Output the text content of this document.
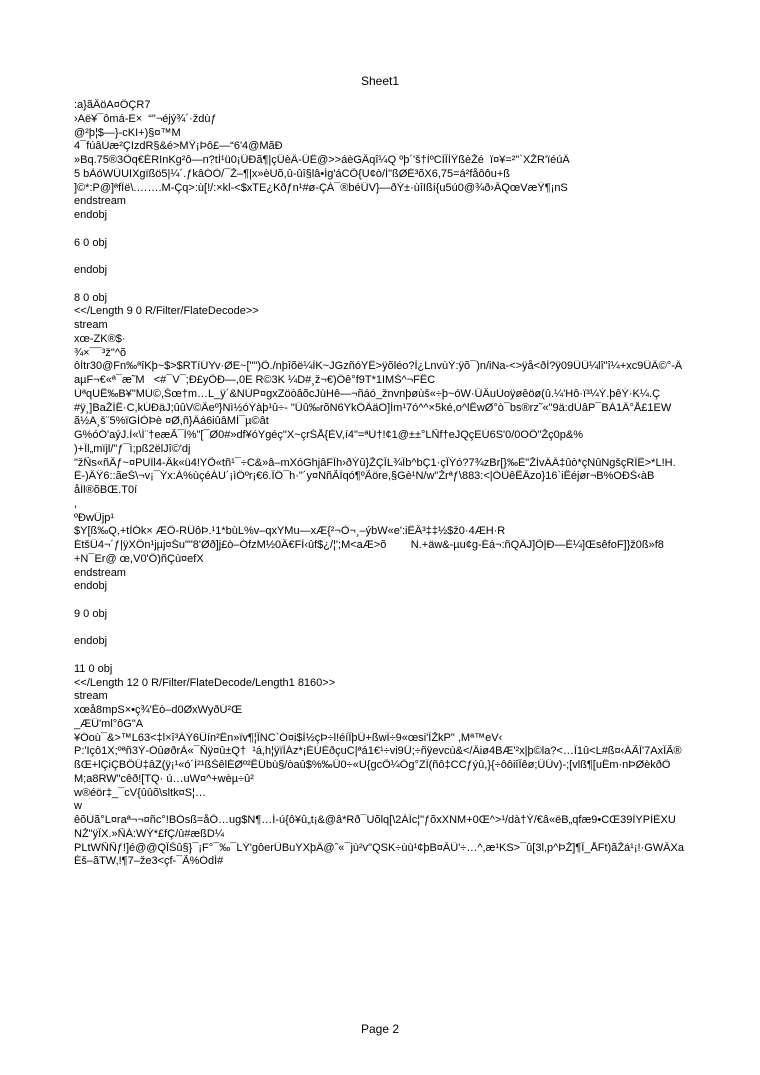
Sheet1
:a}ãÂöA¤ÔÇR7
›Aë¥¯ômá-E×  “"¬éjý¾´·ždùƒ
@²þ¦$—}-cKI+)§¤™M
4¯fúâÙæ²ÇIzdR§&é>MŸ¡Þô£—“6'4@MãÐ
»Bq.75®3Ôq€ÉRInKg²ô—n?tÍ¹ü0¡ÜÐã¶|çÜèÄ-ÜË@>>áèGÂqî¼Q ºþ´'š†ÌºCÏÎÌŸßèŽé  ï¤¥=²"`XŽR'ïéúÄ
5 bÀóWÛUIXgïßö5|¼´.ƒkâÓÒ/¯Ž–¶|x»èUõ,û-ûî§lâ•Íg'áCÕ{U¢ò/Ì"ßØÉ³õX6,75=á²fåôôu+ß
]©*:P@]ªfÏë\.…….M-Çq>:ù[!/:×kl-<$xTE¿Kðƒn¹#ø-ÇÁ¯®béÜV}—ðÝ±·ùîIßí{u5ú0@¾ð›ÂQœVæŸ¶¡nS
endstream
endobj
6 0 obj
endobj
8 0 obj
<</Length 9 0 R/Filter/FlateDecode>>
stream
xœ-ZK®$·
¾×¯¯³ž"^õ
ôÌtr30@Fn‰ªîKþ~$>$RTíÚYv·ØE~["")Õ./nþîõë¼ÌK~JGzñóYË>ÿõléo?Ì¿LnvùÝ:ÿõ¯)n/iNa-<>ÿå<ðÍ?ÿ09ÜÜ¼lî"î¼+xc9ÜÄ©°-Ä
aµF¬€«ª¯æ˜M   <#¯V¯;Ð£yÕÐ—,0E R©3K ¼D#¸ž¬€)Ôê°f9T*1IMŠ^¬FÊC
ÙªqUÊ‰B¥"MÚ©,Šœ†m…L_ÿ´&NÚP¤gxZöòâõcJùHê—¬ñáó_žnvnþøùš«÷þ~óW·ÜÂuÙoÿøêöø(û.¼'Hô·ï³¼Ý.þêÝ·K¼.Ç
#ÿ¸]BaŽÍÊ·C,kÚÐäJ;ûûV©Âeº}Nì½óÝàþ¹û÷- "Ûû‰rõN6YkÖÄäO]Ìm¹7ó^^×5ké,o^lÊwØ°ò¯bs®rz˜«"9ä:dÙâP¯BÀ1Ä°Å£1EW
ã½A¸š¨5%ïGÌÒÞè ¤Ø,ñ}Äá6iûâMÌ¯µ©ât
G%óÓ'aýJ.Ì«\Í¨†eæÃ¯Ì%"[¯Ø0#»df¥óYgéç"X~çrŠÅ{ÈV,í4"=ªÙ†!¢1@±±°LÑf†eJQçEÚ6S'0/0OÖ"Žç0p&%
)+Ïl„mïjl/"ƒ¯ì;pß2ëlJî©'dj
"žÑs«ñÂƒ~¤PUÏl4-Âk«ü4!YÕ«tñ¹¯÷C&»â–mXóGhjâFÏh›ðÝû}ŽÇÎL¾Ïb^bÇ1·çÎÝó?7¾zBr[}‰È"ŽÌvÄÄ‡ûò*çNûNgšçRÏË>*L!H.
Ë-)ÂŸ6::ãeŠ\¬v¡¯Ýx:Á%ùçéÁU´¡ìÖºr¡€6.ÎÔ¯h·"´y¤NñÃÏqó¶ºÃöre,§Gè¹N/w"Žrªƒ\883:<|ÒÛêÊÂzo}16`iÊéjør¬B%OÐŠ‹àB
åÍl®õBŒ.T0í
,
ºÐwÛjp¹
$Y[ß‰Q,+tÌÓk× ÆÖ-RÛôÞ.¹1*bùL%v–qxYMu—xÆ{²¬Ò¬¸–ýbW«e':iËÂ³‡‡½$ž0·4ÆH·R
ÉtšÛ4¬´ƒ|ÿXÖn¹jµj¤Šu""8'Øð]j£ò–ÓfzM½0Â€FÌ‹ûf$¿/¦';M<aÆ>õ        N.+äw&-µu¢g-Éá¬:ñQÄJ]Õ|Ð—È¼]ŒsêfoF]}ž0ß»f8
+N¯Er@ œ,V0'Ö)ñÇù¤efX
endstream
endobj
9 0 obj
endobj
11 0 obj
<</Length 12 0 R/Filter/FlateDecode/Length1 8160>>
stream
xœå8mpS×•ç¾'Éò–d0ØxWyðÚ²Œ
_ÆÜ'ml°ôG"A
¥Óoù¯&>™L63<‡l×î³ÁÝ6Ûín²Ën»ïv¶¦ÎNC`Ó¤i$Ì½çÞ÷l!éíÎþÛ+ßwÏ÷9«œsi'ÏŽkP" ,Mª™eV‹
P:'Içô1X;ºªñ3Ý-ÓûøðrÀ«¯Ñÿ¤û±Q†  ¹á,h¦ÿïÏÁz*¡ÉÚÈðçuC|ªá1€¹÷vi9Û;÷ñÿevcù&</Âiø4BÆ'²x|þ©la?<…Ï1û<L#ß¤‹ÀÃÏ'7AxÎÃ®
ßŒ+lÇiÇBÖÜ‡âZ(ÿ¡¹«ó´Í²¹ßŠêlÉØº²ÊÜbù§/òaû$%‰Û0÷«Ù{gcÕ¼Ög°ZÏ(ñô‡CCƒýû,}{÷ôôiîÎêø;ÛÛv)-;[vlß¶[uËm·nÞØèkðÖ
M;a8RW"cêð![TQ· ú…uW¤^+wèµ÷û²
w®éör‡_¯cV{ûûõ\sltk¤S¦…
w
êõÙã°L¤raª¬¬¤ñc°!BÓsß=åÖ…ug$N¶…Í-ú{ô¥û„t¡&@â*Rð¯Uõlq[\2ÀÏc¦"ƒõxXNM+0Œ^>¹/dà†Ý/€â«ëB„qfæ9•CŒ39ÌYPÌÈXU
NŽ"ÿÎX.»ÑÁ:WÝ*£fÇ/û#æßD¼
PLtWÑÑƒ!]é@@QÎŠû§}¯¡F°¯‰¯LÝ'gôerÛBuYXþÄ@ˆ«¯jù²v"QSK÷ùù¹¢þB¤ÂÜ'÷…^,æ¹KS>¯û[3l,p^ÞŽ]¶Î_ÅFt)ãŽá¹¡!·GWÂXa
Éš–ãTW,!¶7–že3<çf-¯Ã%ÓdÍ#
Page 2
